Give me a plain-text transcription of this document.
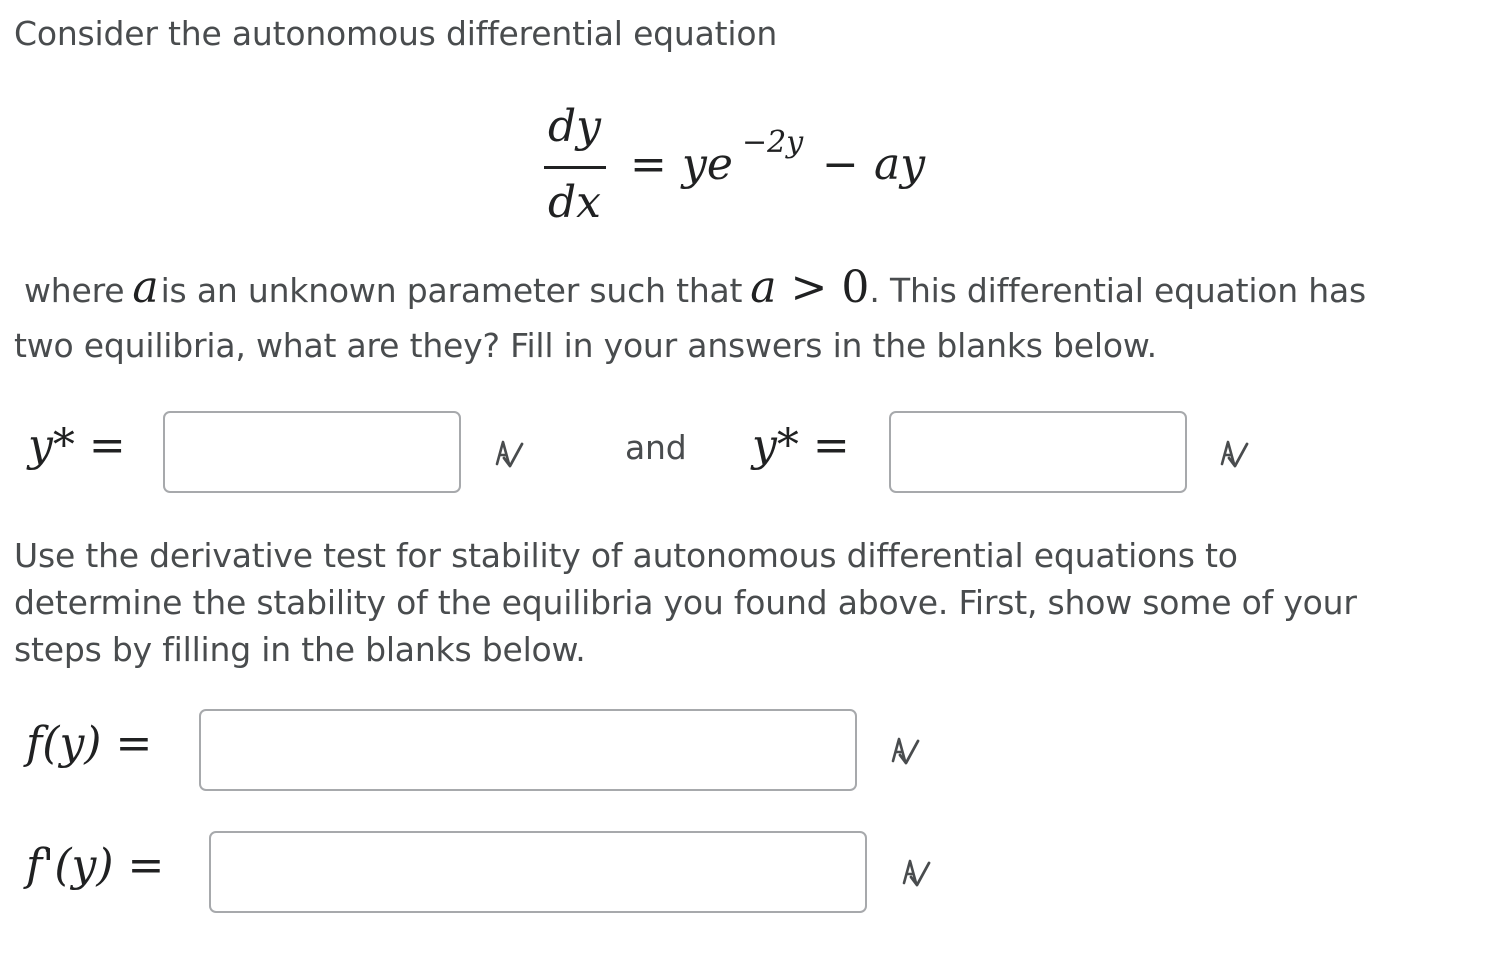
Consider the autonomous differential equation
dy
dx
= ye −2y − ay
where a is an unknown parameter such that a > 0 . This differential equation has
two equilibria, what are they? Fill in your answers in the blanks below.
y* =	and y* =
Use the derivative test for stability of autonomous differential equations to
determine the stability of the equilibria you found above. First, show some of your
steps by filling in the blanks below.
f(y) =
f'(y) =
